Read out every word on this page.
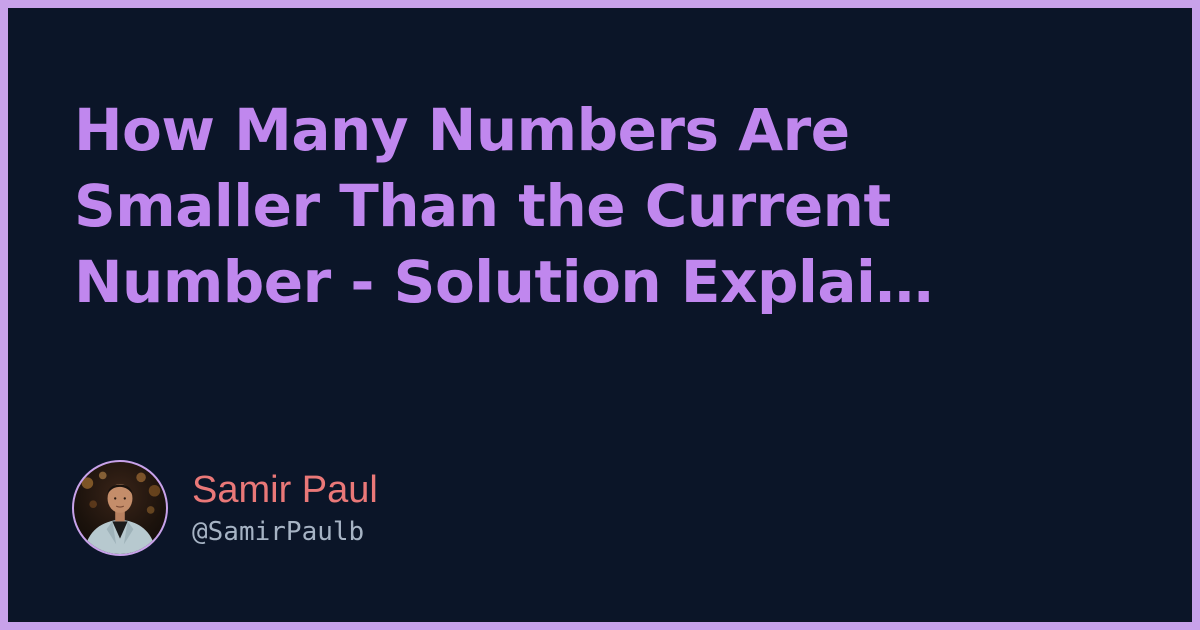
How Many Numbers Are
Smaller Than the Current
Number - Solution Explai…
Samir Paul
@SamirPaulb
